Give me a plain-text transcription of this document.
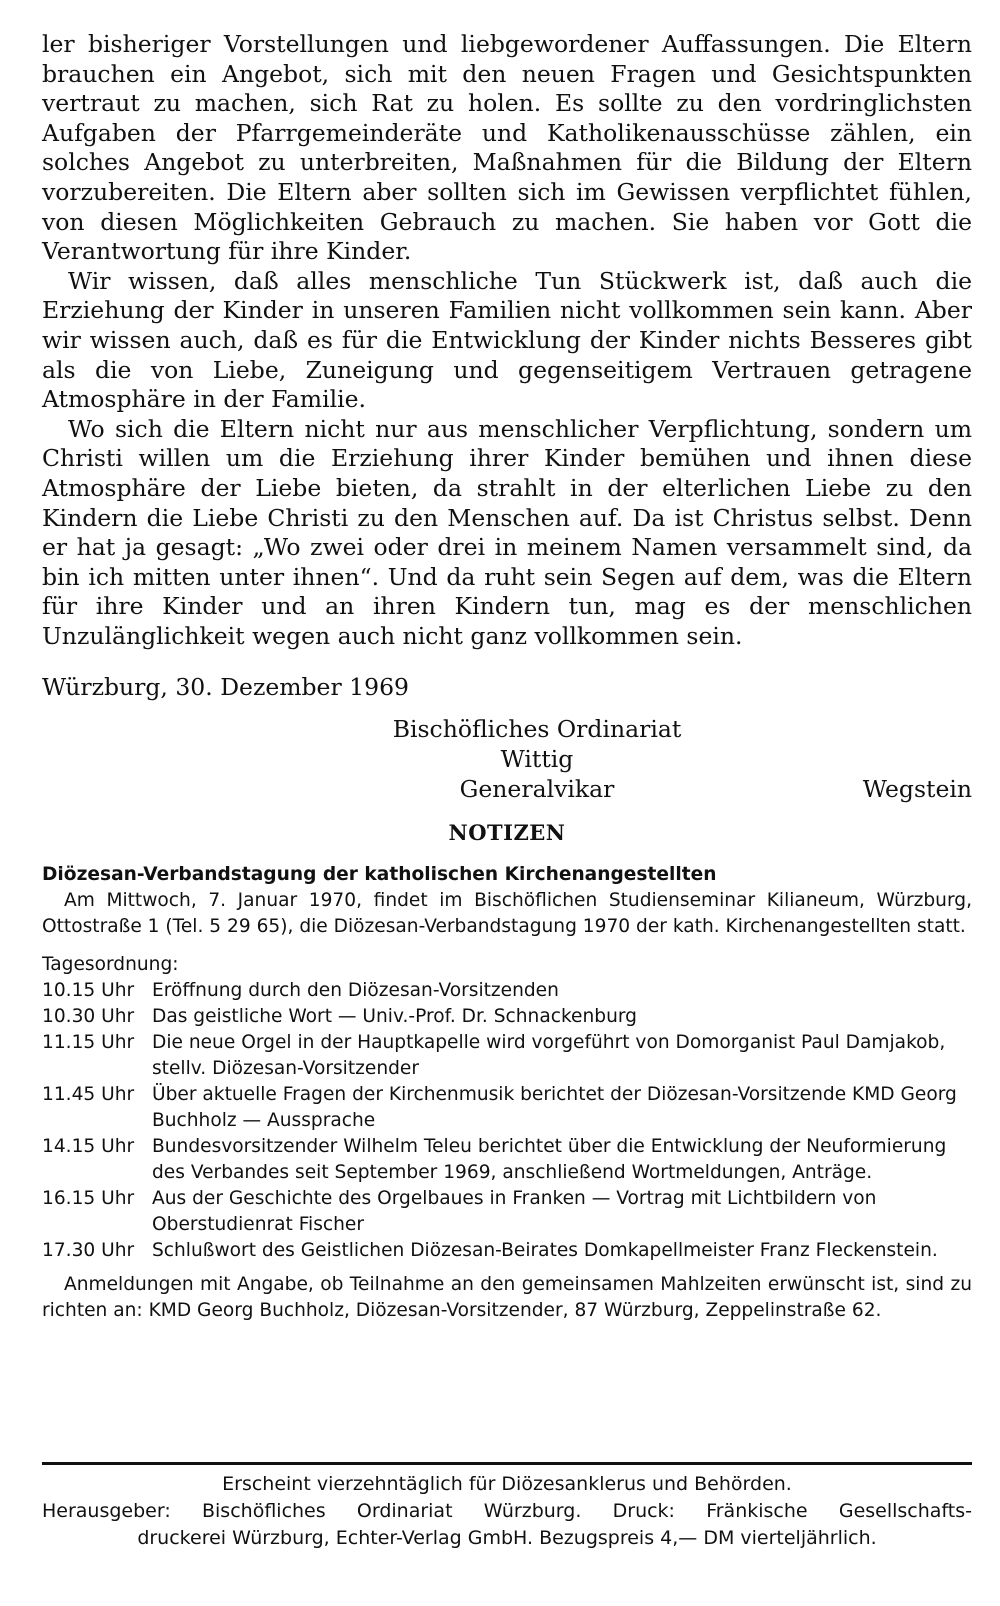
ler bisheriger Vorstellungen und liebgewordener Auffassungen. Die Eltern brauchen ein Angebot, sich mit den neuen Fragen und Gesichtspunkten vertraut zu machen, sich Rat zu holen. Es sollte zu den vordringlichsten Aufgaben der Pfarrgemeinderäte und Katholikenausschüsse zählen, ein solches Angebot zu unterbreiten, Maßnahmen für die Bildung der Eltern vorzubereiten. Die Eltern aber sollten sich im Gewissen verpflichtet fühlen, von diesen Möglichkeiten Gebrauch zu machen. Sie haben vor Gott die Verantwortung für ihre Kinder.

Wir wissen, daß alles menschliche Tun Stückwerk ist, daß auch die Erziehung der Kinder in unseren Familien nicht vollkommen sein kann. Aber wir wissen auch, daß es für die Entwicklung der Kinder nichts Besseres gibt als die von Liebe, Zuneigung und gegenseitigem Vertrauen getragene Atmosphäre in der Familie.

Wo sich die Eltern nicht nur aus menschlicher Verpflichtung, sondern um Christi willen um die Erziehung ihrer Kinder bemühen und ihnen diese Atmosphäre der Liebe bieten, da strahlt in der elterlichen Liebe zu den Kindern die Liebe Christi zu den Menschen auf. Da ist Christus selbst. Denn er hat ja gesagt: „Wo zwei oder drei in meinem Namen versammelt sind, da bin ich mitten unter ihnen“. Und da ruht sein Segen auf dem, was die Eltern für ihre Kinder und an ihren Kindern tun, mag es der menschlichen Unzulänglichkeit wegen auch nicht ganz vollkommen sein.

Würzburg, 30. Dezember 1969
Bischöfliches Ordinariat
Wittig
Generalvikar	Wegstein
NOTIZEN
Diözesan-Verbandstagung der katholischen Kirchenangestellten

Am Mittwoch, 7. Januar 1970, findet im Bischöflichen Studienseminar Kilianeum, Würzburg, Ottostraße 1 (Tel. 5 29 65), die Diözesan-Verbandstagung 1970 der kath. Kirchenangestellten statt.

Tagesordnung:
10.15 Uhr Eröffnung durch den Diözesan-Vorsitzenden
10.30 Uhr Das geistliche Wort — Univ.-Prof. Dr. Schnackenburg
11.15 Uhr Die neue Orgel in der Hauptkapelle wird vorgeführt von Domorganist Paul Damjakob, stellv. Diözesan-Vorsitzender
11.45 Uhr Über aktuelle Fragen der Kirchenmusik berichtet der Diözesan-Vorsitzende KMD Georg Buchholz — Aussprache
14.15 Uhr Bundesvorsitzender Wilhelm Teleu berichtet über die Entwicklung der Neuformierung des Verbandes seit September 1969, anschließend Wortmeldungen, Anträge.
16.15 Uhr Aus der Geschichte des Orgelbaues in Franken — Vortrag mit Lichtbildern von Oberstudienrat Fischer
17.30 Uhr Schlußwort des Geistlichen Diözesan-Beirates Domkapellmeister Franz Fleckenstein.

Anmeldungen mit Angabe, ob Teilnahme an den gemeinsamen Mahlzeiten erwünscht ist, sind zu richten an: KMD Georg Buchholz, Diözesan-Vorsitzender, 87 Würzburg, Zeppelinstraße 62.

Erscheint vierzehntäglich für Diözesanklerus und Behörden.
Herausgeber: Bischöfliches Ordinariat Würzburg. Druck: Fränkische Gesellschafts-
druckerei Würzburg, Echter-Verlag GmbH. Bezugspreis 4,— DM vierteljährlich.
